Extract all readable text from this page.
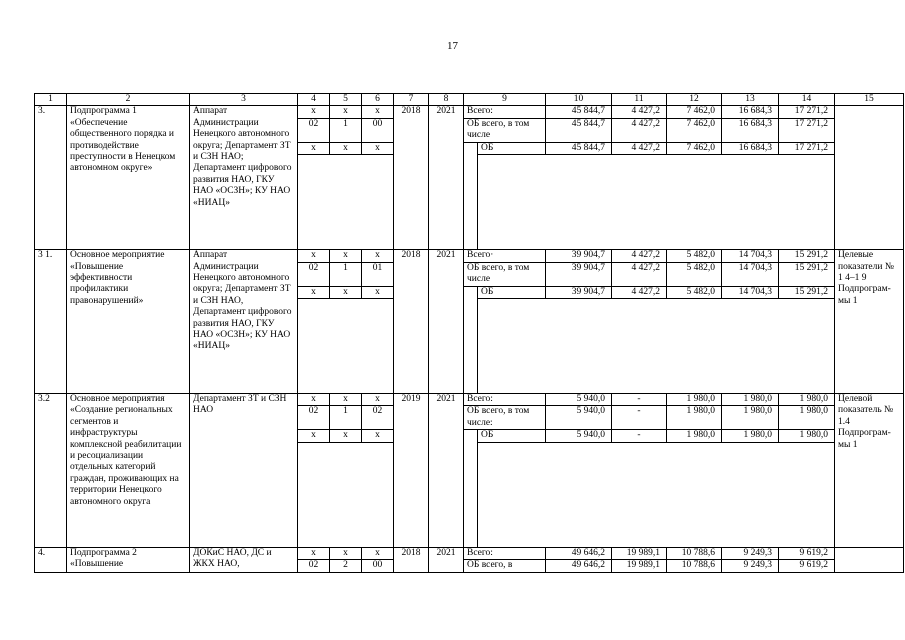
17
1	2	3	4	5	6	7	8	9		10	11	12	13	14	15
3.	Подпрограмма 1 «Обеспечение общественного порядка и противодействие преступности в Ненецком автономном округе»	Аппарат Администрации Ненецкого автономного округа; Департамент ЗТ и СЗН НАО; Департамент цифрового развития НАО, ГКУ НАО «ОСЗН»; КУ НАО «НИАЦ»	x	x	x	2018	2021	Всего:		45 844,7	4 427,2	7 462,0	16 684,3	17 271,2	
			02	1	00			ОБ всего, в том числе		45 844,7	4 427,2	7 462,0	16 684,3	17 271,2	
			x	x	x				ОБ	45 844,7	4 427,2	7 462,0	16 684,3	17 271,2	

3 1.	Основное мероприятие «Повышение эффективности профилактики правонарушений»	Аппарат Администрации Ненецкого автономного округа; Департамент ЗТ и СЗН НАО, Департамент цифрового развития НАО, ГКУ НАО «ОСЗН»; КУ НАО «НИАЦ»	x	x	x	2018	2021	Всего·		39 904,7	4 427,2	5 482,0	14 704,3	15 291,2	Целевые показатели № 1 4–1 9 Подпрограм-мы 1
			02	1	01			ОБ всего, в том числе		39 904,7	4 427,2	5 482,0	14 704,3	15 291,2	
			x	x	x				ОБ	39 904,7	4 427,2	5 482,0	14 704,3	15 291,2	

3.2	Основное мероприятия «Создание региональных сегментов и инфраструктуры комплексной реабилитации и ресоциализации отдельных категорий граждан, проживающих на территории Ненецкого автономного округа	Департамент ЗТ и СЗН НАО	x	x	x	2019	2021	Всего:		5 940,0	-	1 980,0	1 980,0	1 980,0	Целевой показатель № 1.4 Подпрограм-мы 1
			02	1	02			ОБ всего, в том числе:		5 940,0	-	1 980,0	1 980,0	1 980,0	
			x	x	x				ОБ	5 940,0	-	1 980,0	1 980,0	1 980,0	

4.	Подпрограмма 2 «Повышение	ДОКиС НАО, ДС и ЖКХ НАО,	x	x	x	2018	2021	Всего:		49 646,2	19 989,1	10 788,6	9 249,3	9 619,2	
			02	2	00			ОБ всего, в		49 646,2	19 989,1	10 788,6	9 249,3	9 619,2	
